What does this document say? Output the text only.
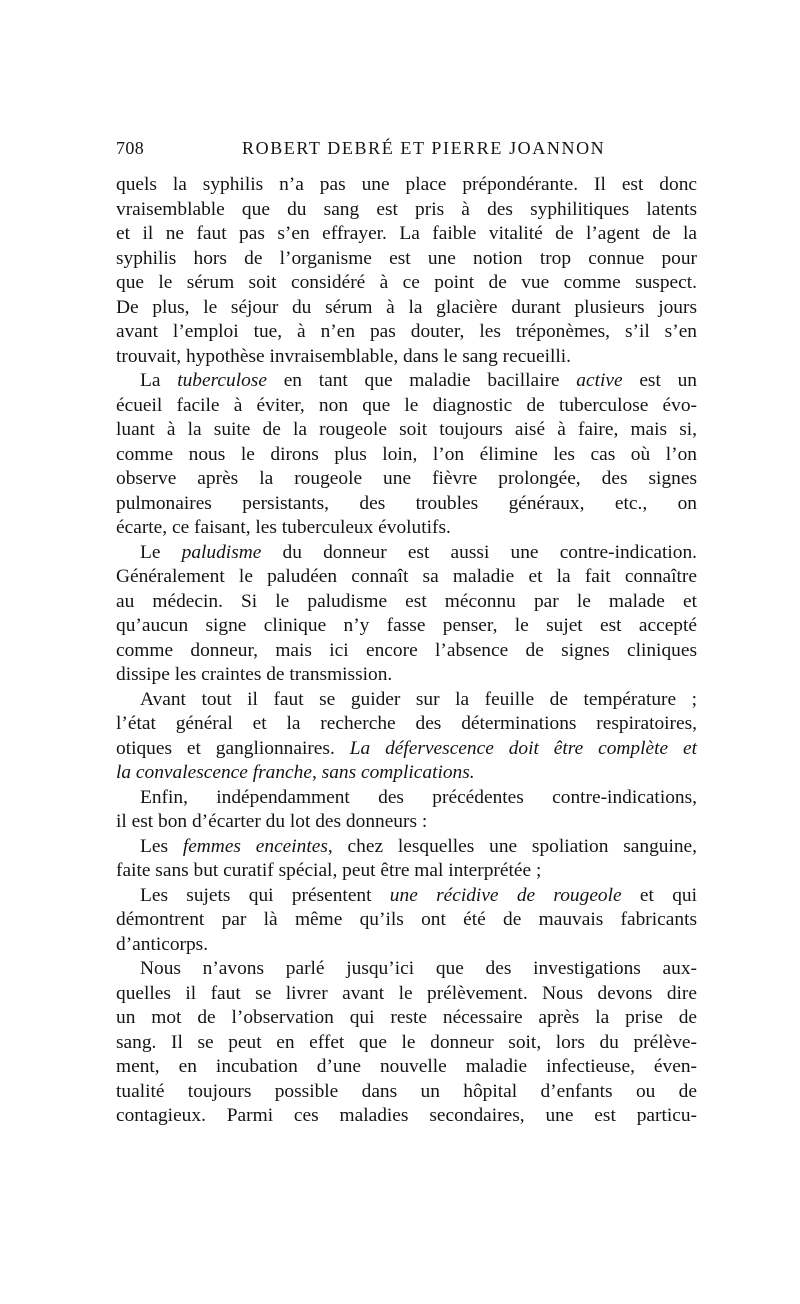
708	ROBERT DEBRÉ ET PIERRE JOANNON
quels la syphilis n’a pas une place prépondérante. Il est donc
vraisemblable que du sang est pris à des syphilitiques latents
et il ne faut pas s’en effrayer. La faible vitalité de l’agent de la
syphilis hors de l’organisme est une notion trop connue pour
que le sérum soit considéré à ce point de vue comme suspect.
De plus, le séjour du sérum à la glacière durant plusieurs jours
avant l’emploi tue, à n’en pas douter, les tréponèmes, s’il s’en
trouvait, hypothèse invraisemblable, dans le sang recueilli.
La tuberculose en tant que maladie bacillaire active est un
écueil facile à éviter, non que le diagnostic de tuberculose évo-
luant à la suite de la rougeole soit toujours aisé à faire, mais si,
comme nous le dirons plus loin, l’on élimine les cas où l’on
observe après la rougeole une fièvre prolongée, des signes
pulmonaires persistants, des troubles généraux, etc., on
écarte, ce faisant, les tuberculeux évolutifs.
Le paludisme du donneur est aussi une contre-indication.
Généralement le paludéen connaît sa maladie et la fait connaître
au médecin. Si le paludisme est méconnu par le malade et
qu’aucun signe clinique n’y fasse penser, le sujet est accepté
comme donneur, mais ici encore l’absence de signes cliniques
dissipe les craintes de transmission.
Avant tout il faut se guider sur la feuille de température ;
l’état général et la recherche des déterminations respiratoires,
otiques et ganglionnaires. La défervescence doit être complète et
la convalescence franche, sans complications.
Enfin, indépendamment des précédentes contre-indications,
il est bon d’écarter du lot des donneurs :
Les femmes enceintes, chez lesquelles une spoliation sanguine,
faite sans but curatif spécial, peut être mal interprétée ;
Les sujets qui présentent une récidive de rougeole et qui
démontrent par là même qu’ils ont été de mauvais fabricants
d’anticorps.
Nous n’avons parlé jusqu’ici que des investigations aux-
quelles il faut se livrer avant le prélèvement. Nous devons dire
un mot de l’observation qui reste nécessaire après la prise de
sang. Il se peut en effet que le donneur soit, lors du prélève-
ment, en incubation d’une nouvelle maladie infectieuse, éven-
tualité toujours possible dans un hôpital d’enfants ou de
contagieux. Parmi ces maladies secondaires, une est particu-
